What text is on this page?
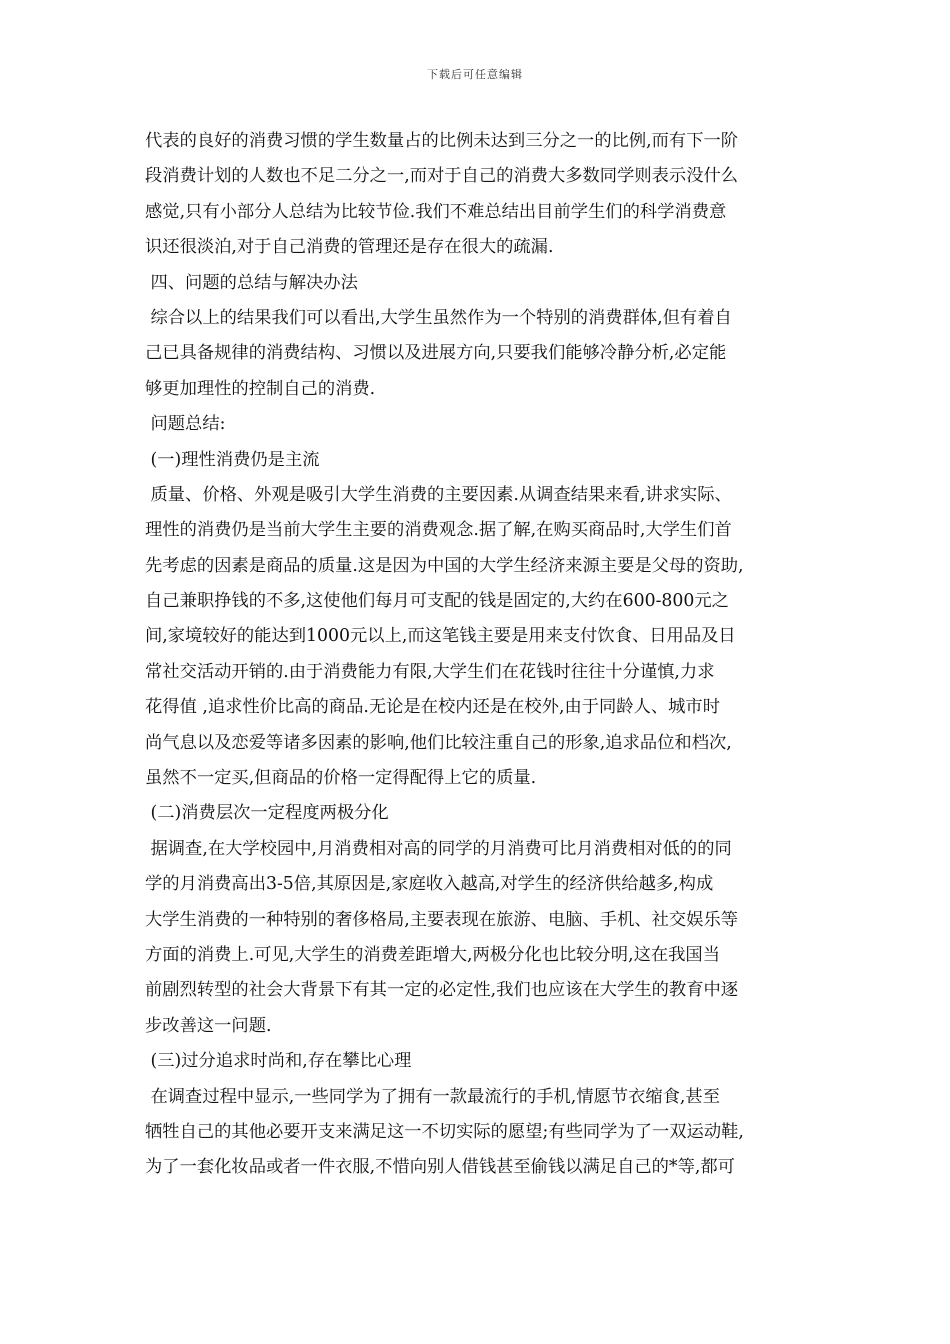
下载后可任意编辑
代表的良好的消费习惯的学生数量占的比例未达到三分之一的比例,而有下一阶
段消费计划的人数也不足二分之一,而对于自己的消费大多数同学则表示没什么
感觉,只有小部分人总结为比较节俭.我们不难总结出目前学生们的科学消费意
识还很淡泊,对于自己消费的管理还是存在很大的疏漏.
四、问题的总结与解决办法
综合以上的结果我们可以看出,大学生虽然作为一个特别的消费群体,但有着自
己已具备规律的消费结构、习惯以及进展方向,只要我们能够冷静分析,必定能
够更加理性的控制自己的消费.
问题总结:
(一)理性消费仍是主流
质量、价格、外观是吸引大学生消费的主要因素.从调查结果来看,讲求实际、
理性的消费仍是当前大学生主要的消费观念.据了解,在购买商品时,大学生们首
先考虑的因素是商品的质量.这是因为中国的大学生经济来源主要是父母的资助,
自己兼职挣钱的不多,这使他们每月可支配的钱是固定的,大约在600-800元之
间,家境较好的能达到1000元以上,而这笔钱主要是用来支付饮食、日用品及日
常社交活动开销的.由于消费能力有限,大学生们在花钱时往往十分谨慎,力求
花得值 ,追求性价比高的商品.无论是在校内还是在校外,由于同龄人、城市时
尚气息以及恋爱等诸多因素的影响,他们比较注重自己的形象,追求品位和档次,
虽然不一定买,但商品的价格一定得配得上它的质量.
(二)消费层次一定程度两极分化
据调查,在大学校园中,月消费相对高的同学的月消费可比月消费相对低的的同
学的月消费高出3-5倍,其原因是,家庭收入越高,对学生的经济供给越多,构成
大学生消费的一种特别的奢侈格局,主要表现在旅游、电脑、手机、社交娱乐等
方面的消费上.可见,大学生的消费差距增大,两极分化也比较分明,这在我国当
前剧烈转型的社会大背景下有其一定的必定性,我们也应该在大学生的教育中逐
步改善这一问题.
(三)过分追求时尚和,存在攀比心理
在调查过程中显示,一些同学为了拥有一款最流行的手机,情愿节衣缩食,甚至
牺牲自己的其他必要开支来满足这一不切实际的愿望;有些同学为了一双运动鞋,
为了一套化妆品或者一件衣服,不惜向别人借钱甚至偷钱以满足自己的*等,都可
